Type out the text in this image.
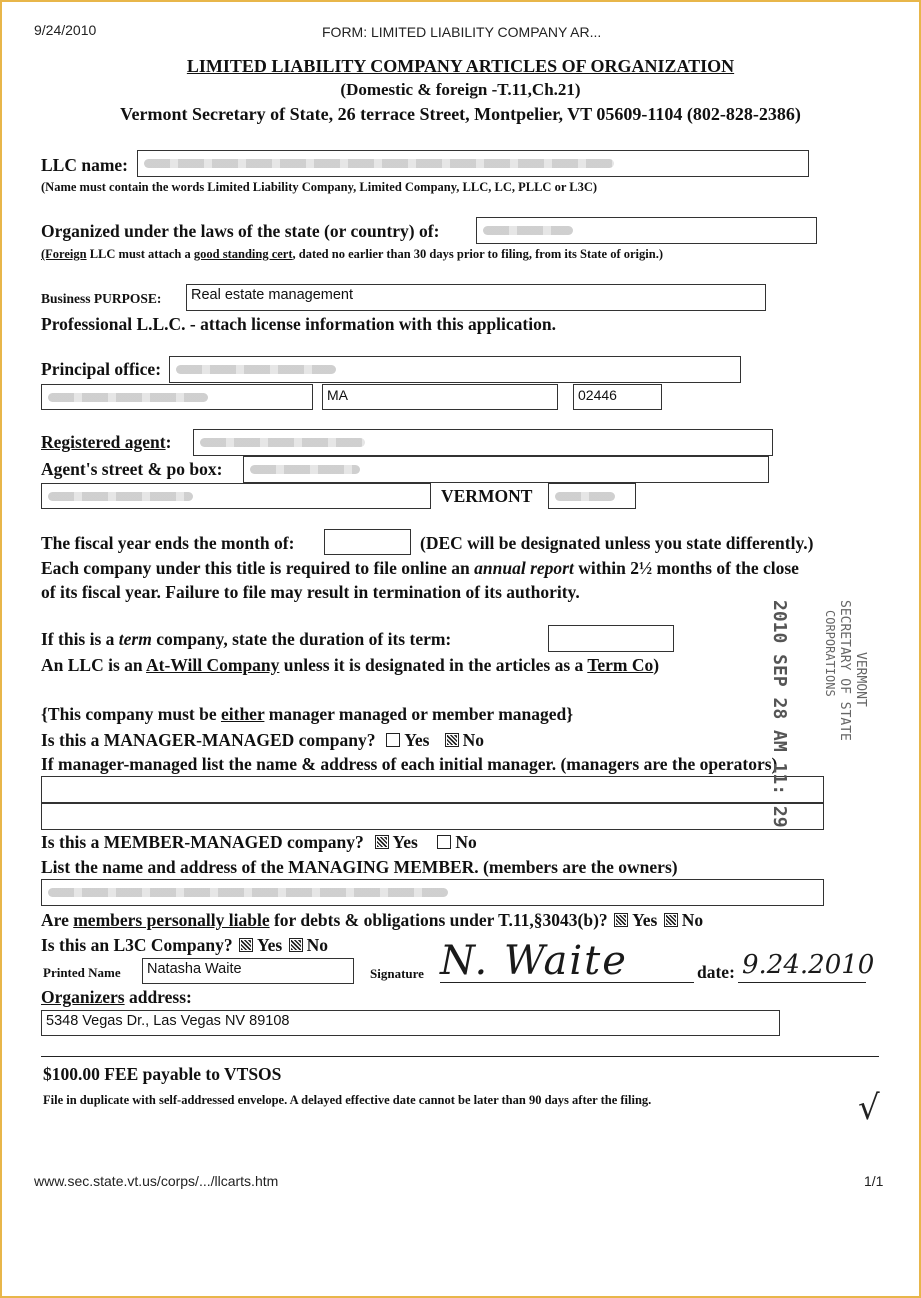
9/24/2010	FORM: LIMITED LIABILITY COMPANY AR...
LIMITED LIABILITY COMPANY ARTICLES OF ORGANIZATION
(Domestic & foreign -T.11,Ch.21)
Vermont Secretary of State, 26 terrace Street, Montpelier, VT 05609-1104 (802-828-2386)
LLC name:
(Name must contain the words Limited Liability Company, Limited Company, LLC, LC, PLLC or L3C)
Organized under the laws of the state (or country) of:
(Foreign LLC must attach a good standing cert, dated no earlier than 30 days prior to filing, from its State of origin.)
Business PURPOSE:	Real estate management
Professional L.L.C. - attach license information with this application.
Principal office:
MA	02446
Registered agent:
Agent's street & po box:
VERMONT
The fiscal year ends the month of:	(DEC will be designated unless you state differently.)
Each company under this title is required to file online an annual report within 2½ months of the close
of its fiscal year. Failure to file may result in termination of its authority.
If this is a term company, state the duration of its term:
An LLC is an At-Will Company unless it is designated in the articles as a Term Co)
{This company must be either manager managed or member managed}
Is this a MANAGER-MANAGED company? Yes No
If manager-managed list the name & address of each initial manager. (managers are the operators)
Is this a MEMBER-MANAGED company? Yes No
List the name and address of the MANAGING MEMBER. (members are the owners)
Are members personally liable for debts & obligations under T.11,§3043(b)? Yes No
Is this an L3C Company? Yes No
Printed Name	Natasha Waite	Signature N. Waite	date: 9.24.2010
Organizers address:
5348 Vegas Dr., Las Vegas NV 89108
$100.00 FEE payable to VTSOS
File in duplicate with self-addressed envelope. A delayed effective date cannot be later than 90 days after the filing.	√
2010 SEP 28 AM 11: 29	VERMONT
SECRETARY OF STATE
CORPORATIONS
www.sec.state.vt.us/corps/.../llcarts.htm	1/1
